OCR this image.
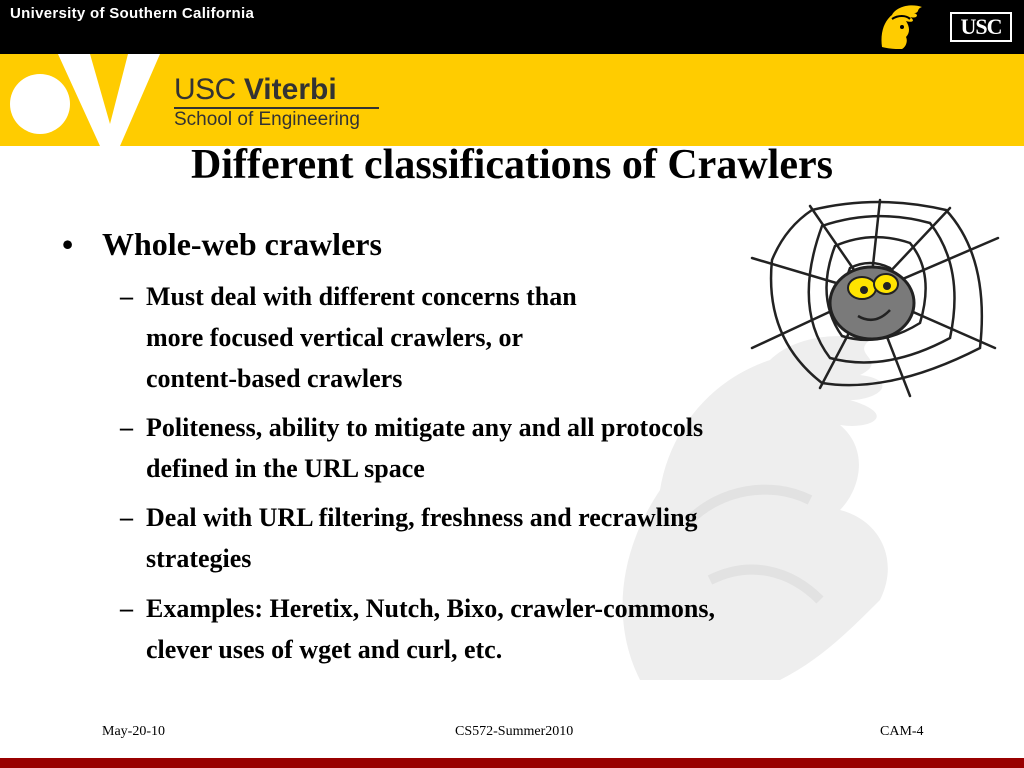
University of Southern California
USC
USC Viterbi
School of Engineering
Different classifications of Crawlers
• Whole-web crawlers
– Must deal with different concerns than
more focused vertical crawlers, or
content-based crawlers
– Politeness, ability to mitigate any and all protocols
defined in the URL space
– Deal with URL filtering, freshness and recrawling
strategies
– Examples: Heretix, Nutch, Bixo, crawler-commons,
clever uses of wget and curl, etc.
May-20-10	CS572-Summer2010	CAM-4
